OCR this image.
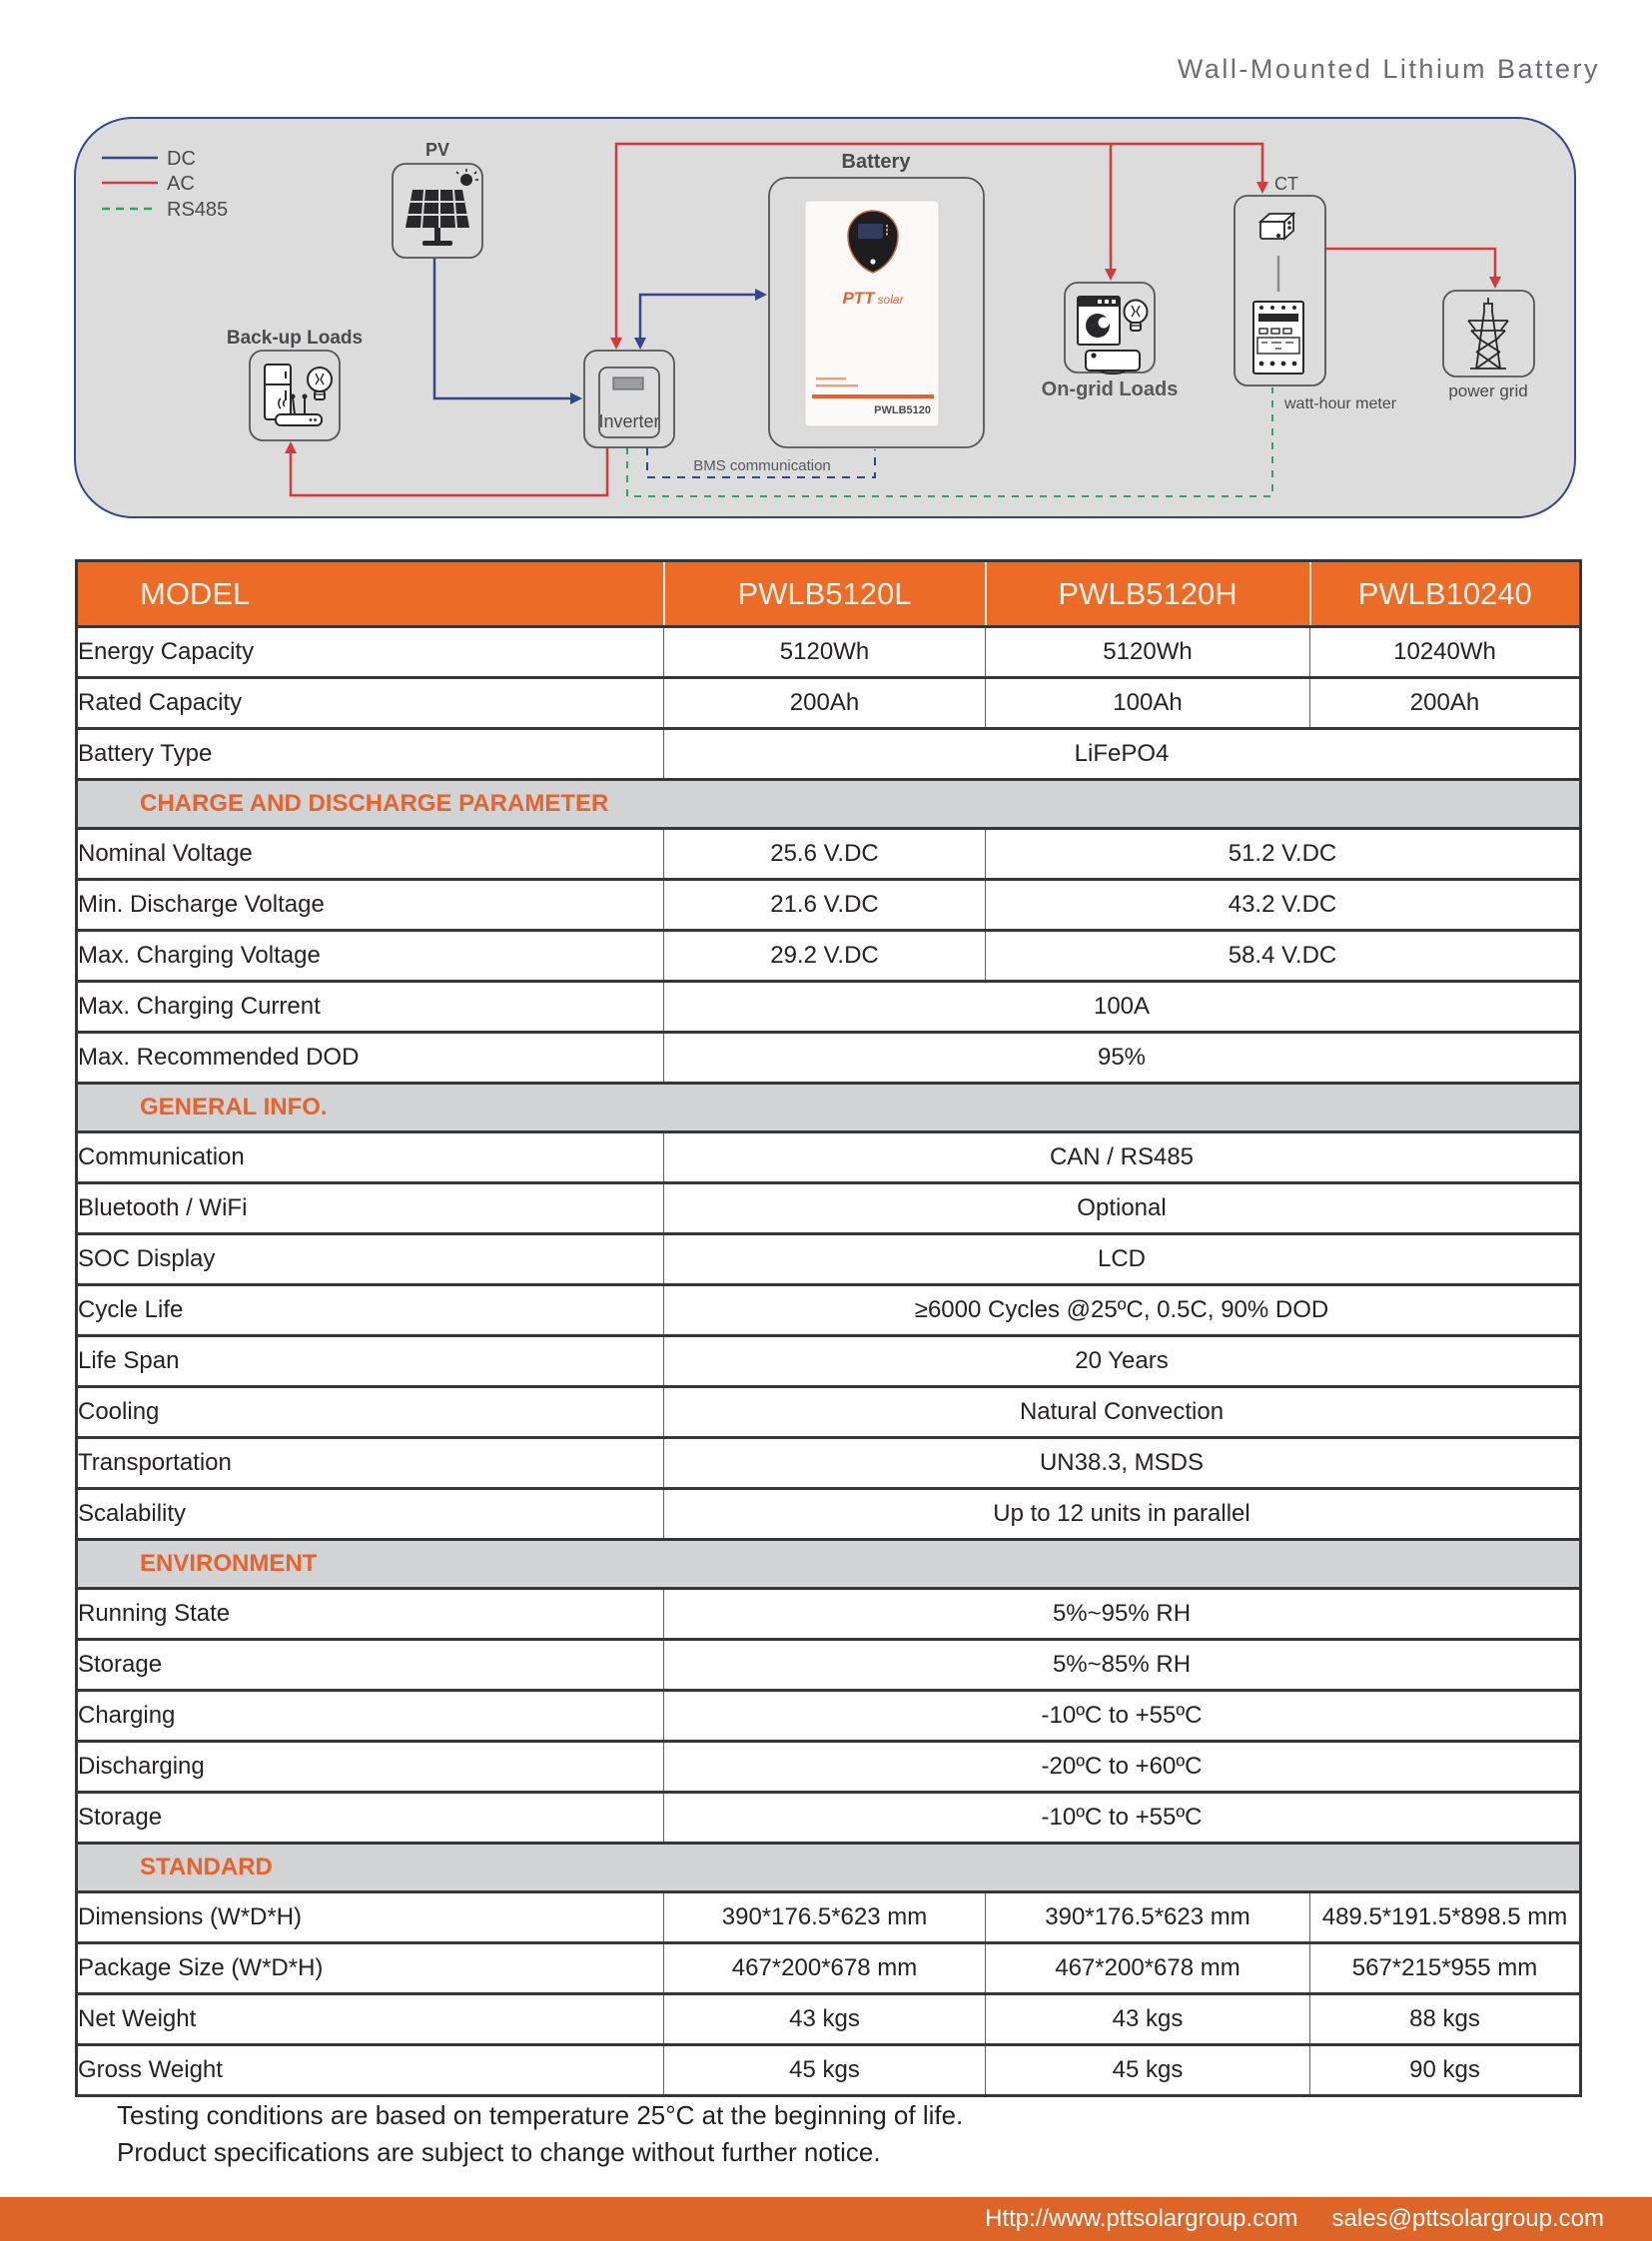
Wall-Mounted Lithium Battery
DC
AC
RS485
PV
Back-up Loads
Inverter
Battery
PTT solar
PWLB5120
BMS communication
On-grid Loads
CT
watt-hour meter
power grid
MODEL	PWLB5120L	PWLB5120H	PWLB10240
Energy Capacity	5120Wh	5120Wh	10240Wh
Rated Capacity	200Ah	100Ah	200Ah
Battery Type	LiFePO4		
CHARGE AND DISCHARGE PARAMETER			
Nominal Voltage	25.6 V.DC	51.2 V.DC	
Min. Discharge Voltage	21.6 V.DC	43.2 V.DC	
Max. Charging Voltage	29.2 V.DC	58.4 V.DC	
Max. Charging Current	100A		
Max. Recommended DOD	95%		
GENERAL INFO.			
Communication	CAN / RS485		
Bluetooth / WiFi	Optional		
SOC Display	LCD		
Cycle Life	≥6000 Cycles @25ºC, 0.5C, 90% DOD		
Life Span	20 Years		
Cooling	Natural Convection		
Transportation	UN38.3, MSDS		
Scalability	Up to 12 units in parallel		
ENVIRONMENT			
Running State	5%~95% RH		
Storage	5%~85% RH		
Charging	-10ºC to +55ºC		
Discharging	-20ºC to +60ºC		
Storage	-10ºC to +55ºC		
STANDARD			
Dimensions (W*D*H)	390*176.5*623 mm	390*176.5*623 mm	489.5*191.5*898.5 mm
Package Size (W*D*H)	467*200*678 mm	467*200*678 mm	567*215*955 mm
Net Weight	43 kgs	43 kgs	88 kgs
Gross Weight	45 kgs	45 kgs	90 kgs
Testing conditions are based on temperature 25°C at the beginning of life.
Product specifications are subject to change without further notice.
Http://www.pttsolargroup.com sales@pttsolargroup.com
